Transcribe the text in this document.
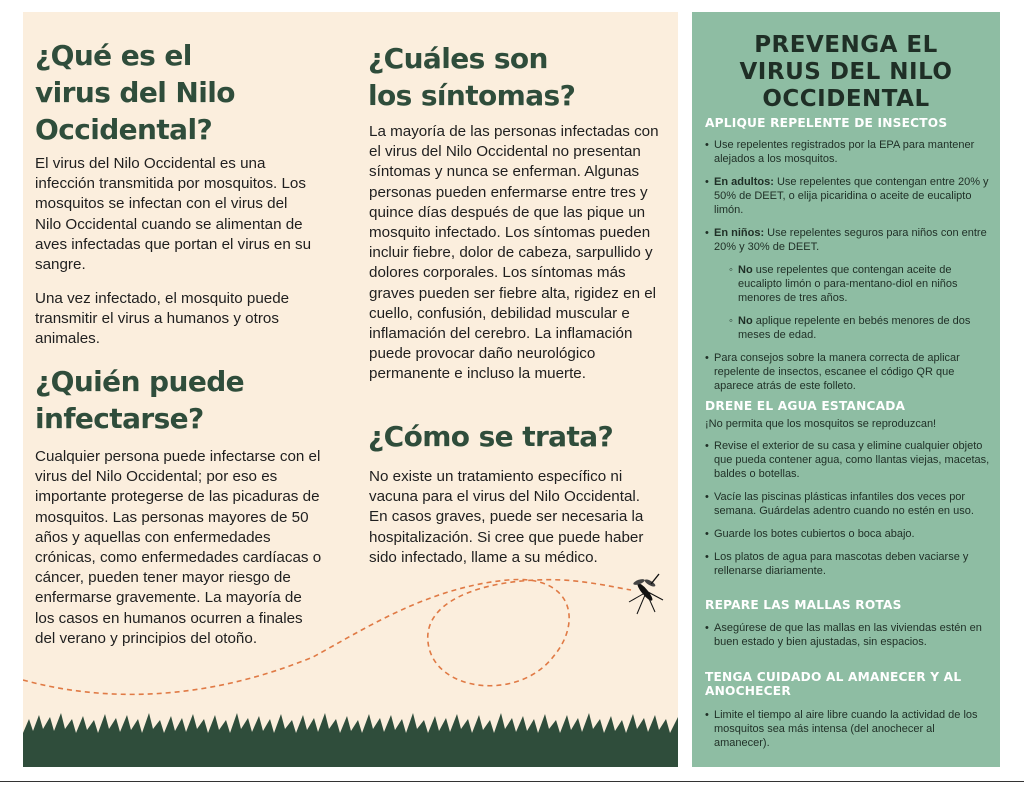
¿Qué es el
virus del Nilo
Occidental?

El virus del Nilo Occidental es una infección transmitida por mosquitos. Los mosquitos se infectan con el virus del Nilo Occidental cuando se alimentan de aves infectadas que portan el virus en su sangre.

Una vez infectado, el mosquito puede transmitir el virus a humanos y otros animales.

¿Quién puede
infectarse?

Cualquier persona puede infectarse con el virus del Nilo Occidental; por eso es importante protegerse de las picaduras de mosquitos. Las personas mayores de 50 años y aquellas con enfermedades crónicas, como enfermedades cardíacas o cáncer, pueden tener mayor riesgo de enfermarse gravemente. La mayoría de los casos en humanos ocurren a finales del verano y principios del otoño.

¿Cuáles son
los síntomas?

La mayoría de las personas infectadas con el virus del Nilo Occidental no presentan síntomas y nunca se enferman. Algunas personas pueden enfermarse entre tres y quince días después de que las pique un mosquito infectado. Los síntomas pueden incluir fiebre, dolor de cabeza, sarpullido y dolores corporales. Los síntomas más graves pueden ser fiebre alta, rigidez en el cuello, confusión, debilidad muscular e inflamación del cerebro. La inflamación puede provocar daño neurológico permanente e incluso la muerte.

¿Cómo se trata?

No existe un tratamiento específico ni vacuna para el virus del Nilo Occidental. En casos graves, puede ser necesaria la hospitalización. Si cree que puede haber sido infectado, llame a su médico.

PREVENGA EL
VIRUS DEL NILO
OCCIDENTAL
APLIQUE REPELENTE DE INSECTOS
• Use repelentes registrados por la EPA para mantener alejados a los mosquitos.
• En adultos: Use repelentes que contengan entre 20% y 50% de DEET, o elija picaridina o aceite de eucalipto limón.
• En niños: Use repelentes seguros para niños con entre 20% y 30% de DEET.
◦ No use repelentes que contengan aceite de eucalipto limón o para-mentano-diol en niños menores de tres años.
◦ No aplique repelente en bebés menores de dos meses de edad.
• Para consejos sobre la manera correcta de aplicar repelente de insectos, escanee el código QR que aparece atrás de este folleto.
DRENE EL AGUA ESTANCADA

¡No permita que los mosquitos se reproduzcan!

• Revise el exterior de su casa y elimine cualquier objeto que pueda contener agua, como llantas viejas, macetas, baldes o botellas.
• Vacíe las piscinas plásticas infantiles dos veces por semana. Guárdelas adentro cuando no estén en uso.
• Guarde los botes cubiertos o boca abajo.
• Los platos de agua para mascotas deben vaciarse y rellenarse diariamente.
REPARE LAS MALLAS ROTAS
• Asegúrese de que las mallas en las viviendas estén en buen estado y bien ajustadas, sin espacios.
TENGA CUIDADO AL AMANECER Y AL ANOCHECER
• Limite el tiempo al aire libre cuando la actividad de los mosquitos sea más intensa (del anochecer al amanecer).
